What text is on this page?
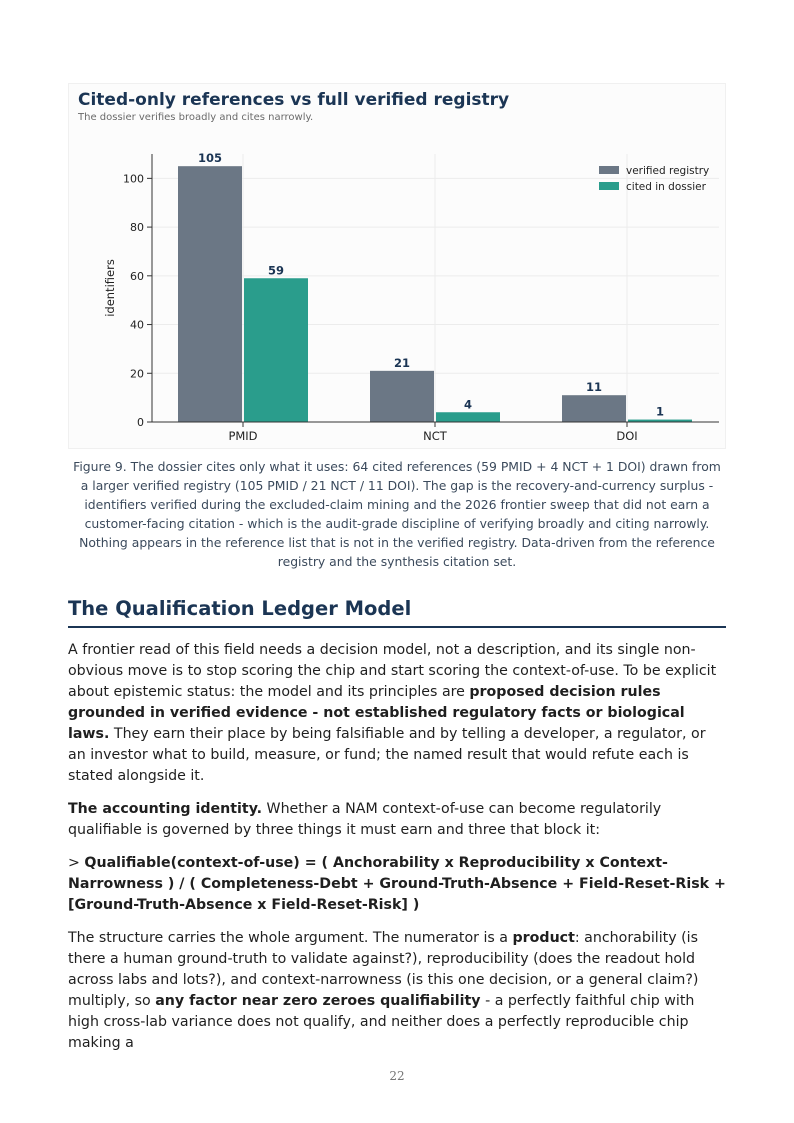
Cited-only references vs full verified registry
The dossier verifies broadly and cites narrowly.
0
20
40
60
80
100
105
59
PMID
21
4
NCT
11
1
DOI
identifiers
verified registry
cited in dossier

Figure 9. The dossier cites only what it uses: 64 cited references (59 PMID + 4 NCT + 1 DOI) drawn from a larger verified registry (105 PMID / 21 NCT / 11 DOI). The gap is the recovery-and-currency surplus - identifiers verified during the excluded-claim mining and the 2026 frontier sweep that did not earn a customer-facing citation - which is the audit-grade discipline of verifying broadly and citing narrowly. Nothing appears in the reference list that is not in the verified registry. Data-driven from the reference registry and the synthesis citation set.

The Qualification Ledger Model

A frontier read of this field needs a decision model, not a description, and its single non-obvious move is to stop scoring the chip and start scoring the context-of-use. To be explicit about epistemic status: the model and its principles are proposed decision rules grounded in verified evidence - not established regulatory facts or biological laws. They earn their place by being falsifiable and by telling a developer, a regulator, or an investor what to build, measure, or fund; the named result that would refute each is stated alongside it.

The accounting identity. Whether a NAM context-of-use can become regulatorily qualifiable is governed by three things it must earn and three that block it:

> Qualifiable(context-of-use) = ( Anchorability x Reproducibility x Context-Narrowness ) / ( Completeness-Debt + Ground-Truth-Absence + Field-Reset-Risk + [Ground-Truth-Absence x Field-Reset-Risk] )

The structure carries the whole argument. The numerator is a product: anchorability (is there a human ground-truth to validate against?), reproducibility (does the readout hold across labs and lots?), and context-narrowness (is this one decision, or a general claim?) multiply, so any factor near zero zeroes qualifiability - a perfectly faithful chip with high cross-lab variance does not qualify, and neither does a perfectly reproducible chip making a

22
